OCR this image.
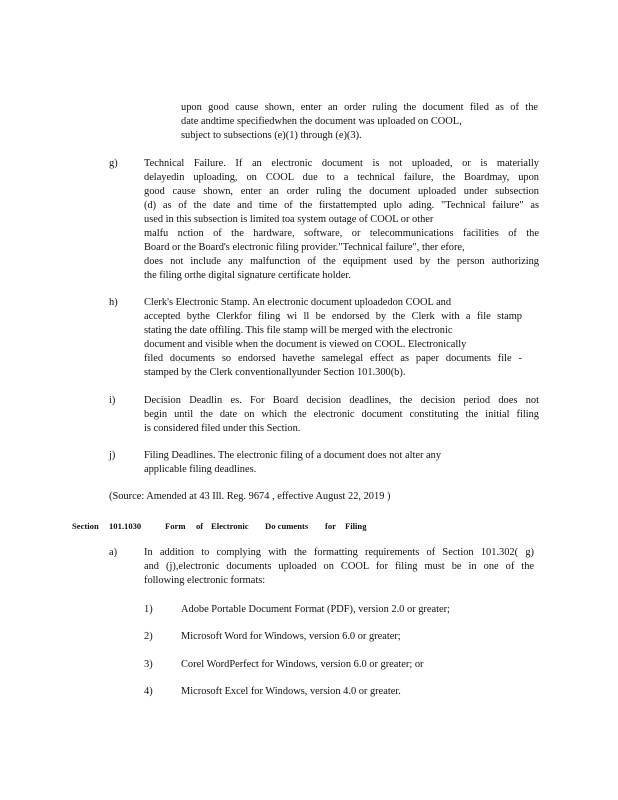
upon good cause shown, enter an order ruling the document filed as of the
date andtime specifiedwhen the document was uploaded on COOL,
subject to subsections (e)(1) through (e)(3).
g)	Technical Failure. If an electronic document is not uploaded, or is materially
delayedin uploading, on COOL due to a technical failure, the Boardmay, upon
good cause shown, enter an order ruling the document uploaded under subsection
(d) as of the date and time of the firstattempted uplo ading. "Technical failure" as
used in this subsection is limited toa system outage of COOL or other
malfu nction of the hardware, software, or telecommunications facilities of the
Board or the Board's electronic filing provider."Technical failure", ther efore,
does not include any malfunction of the equipment used by the person authorizing
the filing orthe digital signature certificate holder.
h)	Clerk's Electronic Stamp. An electronic document uploadedon COOL and
accepted bythe Clerkfor filing wi ll be endorsed by the Clerk with a file stamp
stating the date offiling. This file stamp will be merged with the electronic
document and visible when the document is viewed on COOL. Electronically
filed documents so endorsed havethe samelegal effect as paper documents file -
stamped by the Clerk conventionallyunder Section 101.300(b).
i)	Decision Deadlin es. For Board decision deadlines, the decision period does not
begin until the date on which the electronic document constituting the initial filing
is considered filed under this Section.
j)	Filing Deadlines. The electronic filing of a document does not alter any
applicable filing deadlines.
(Source: Amended at 43 Ill. Reg. 9674 , effective August 22, 2019 )
Section 101.1030	Form of Electronic Do cuments for Filing
a)	In addition to complying with the formatting requirements of Section 101.302( g)
and (j),electronic documents uploaded on COOL for filing must be in one of the
following electronic formats:
1)	Adobe Portable Document Format (PDF), version 2.0 or greater;
2)	Microsoft Word for Windows, version 6.0 or greater;
3)	Corel WordPerfect for Windows, version 6.0 or greater; or
4)	Microsoft Excel for Windows, version 4.0 or greater.
